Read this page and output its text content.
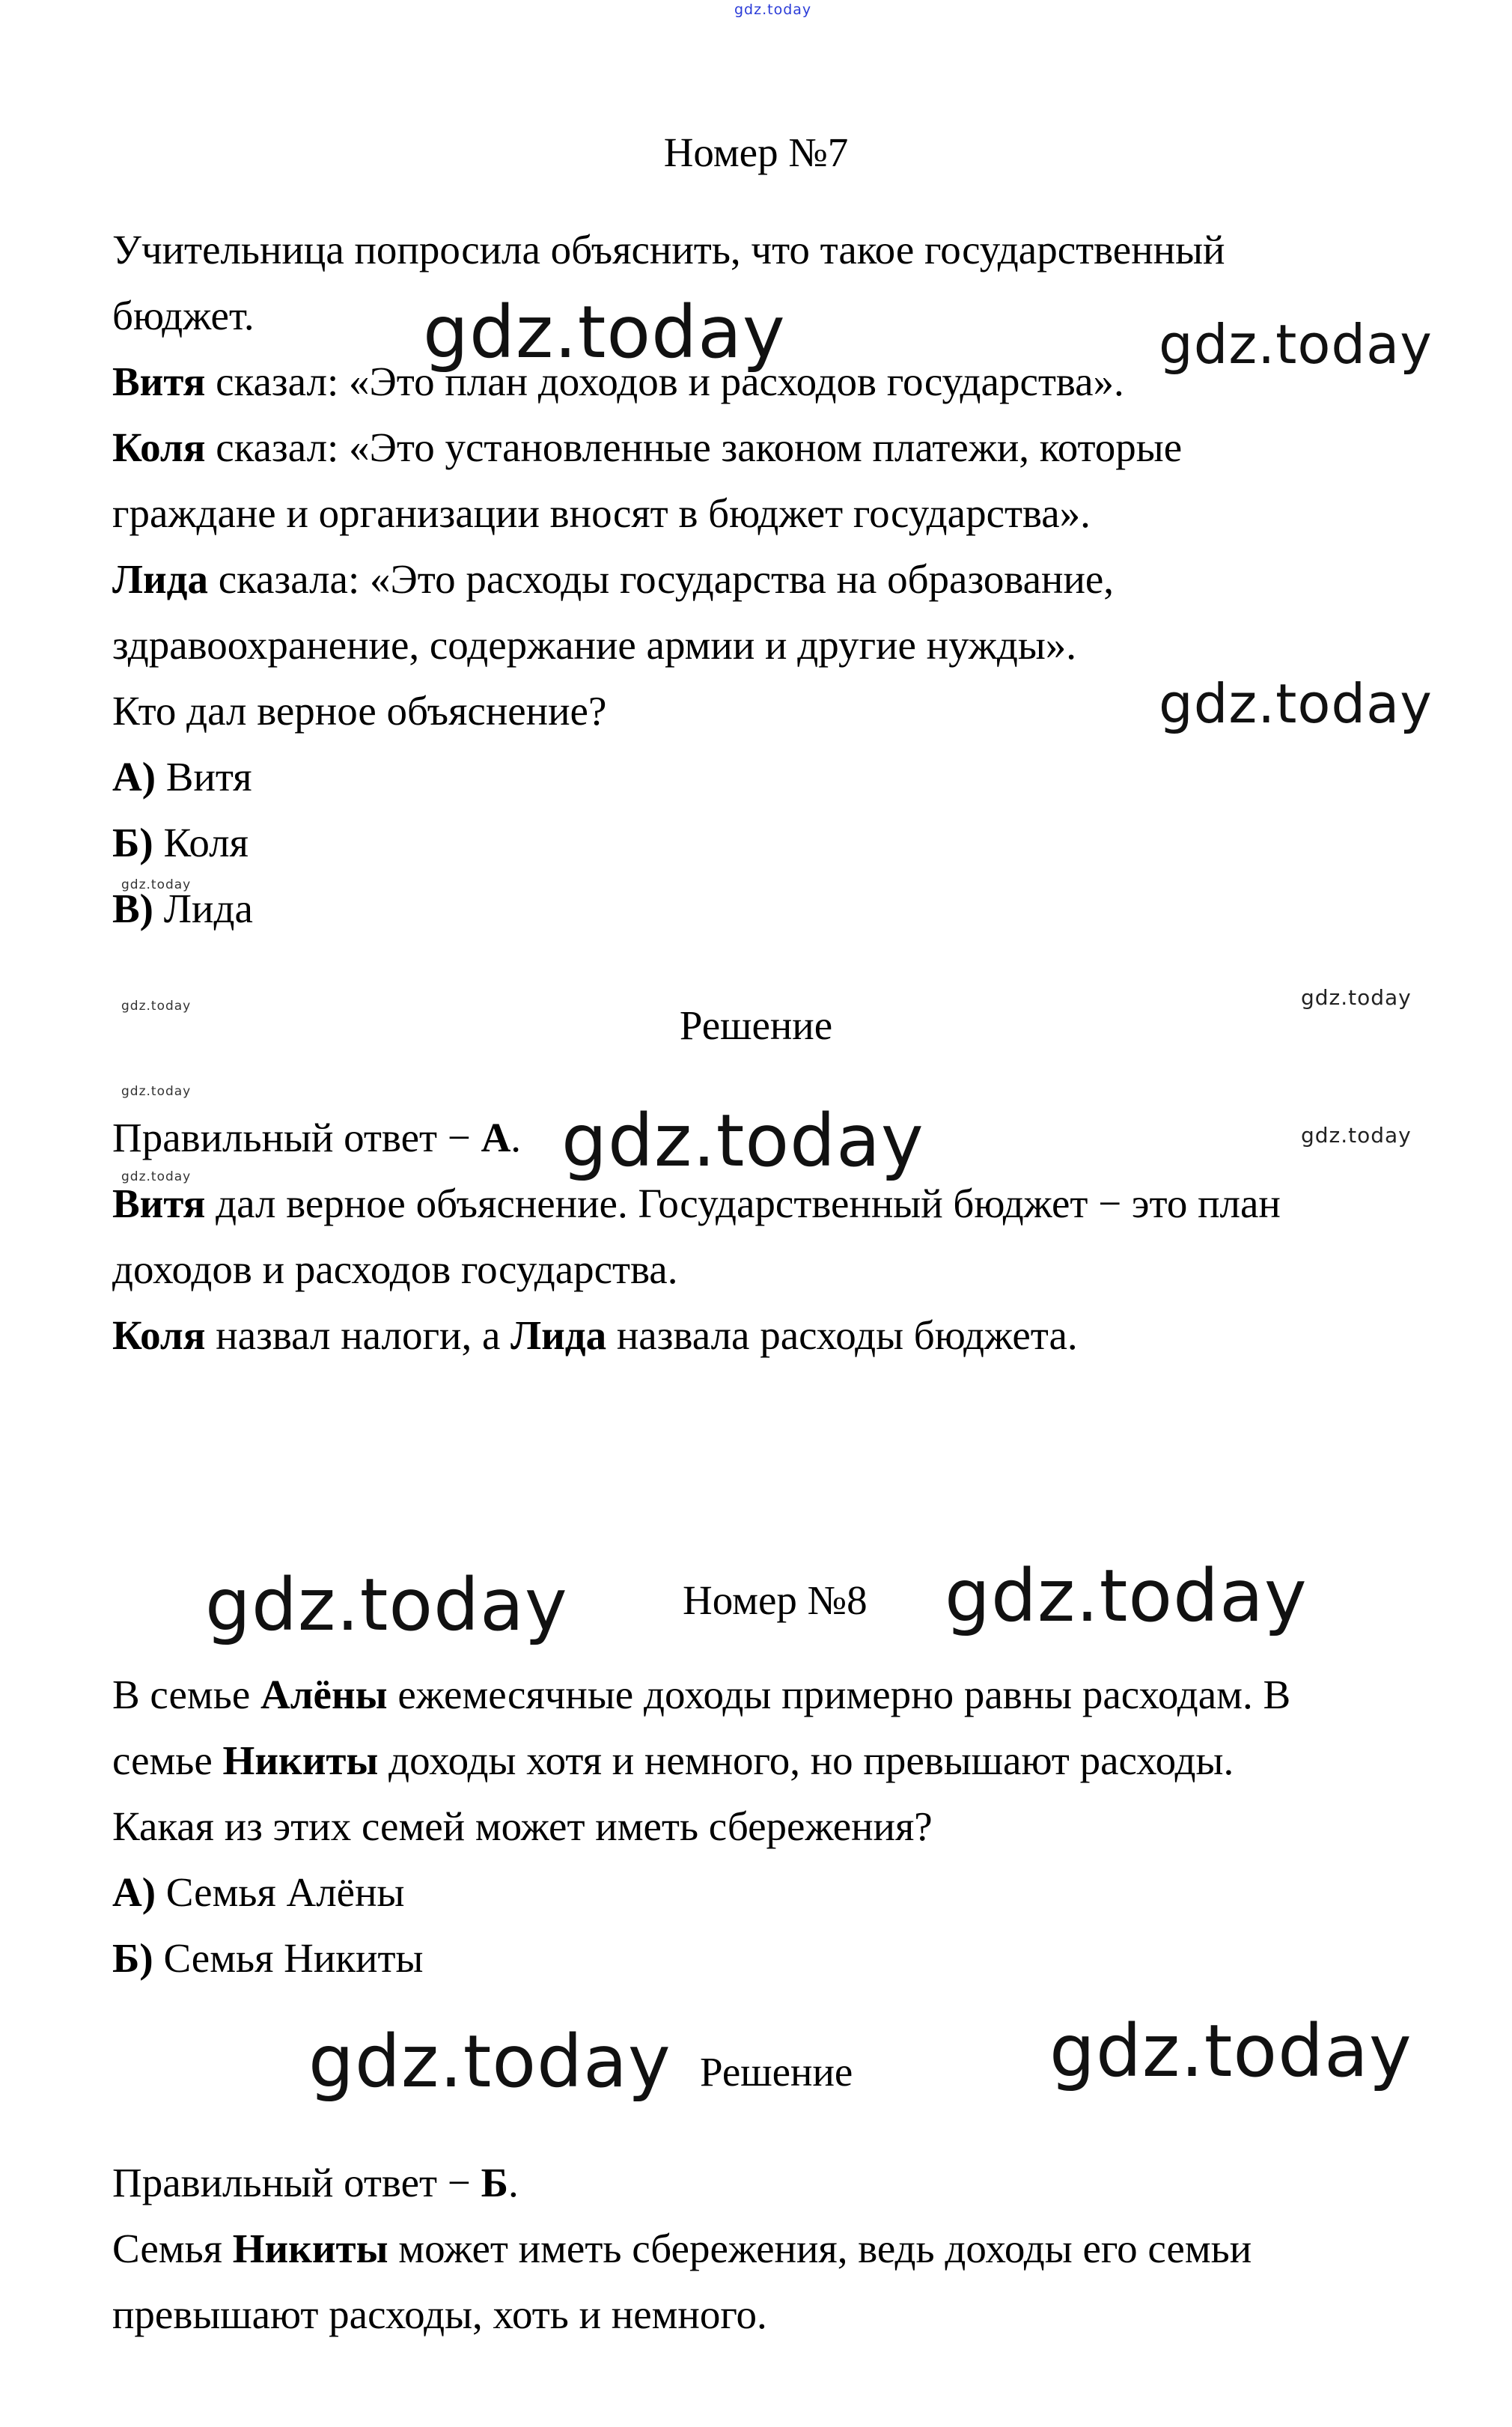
gdz.today

Номер №7

Учительница попросила объяснить, что такое государственный

бюджет.

Витя сказал: «Это план доходов и расходов государства».

Коля сказал: «Это установленные законом платежи, которые

граждане и организации вносят в бюджет государства».

Лида сказала: «Это расходы государства на образование,

здравоохранение, содержание армии и другие нужды».

Кто дал верное объяснение?

А) Витя

Б) Коля

В) Лида

Решение

Правильный ответ − А.

Витя дал верное объяснение. Государственный бюджет − это план

доходов и расходов государства.

Коля назвал налоги, а Лида назвала расходы бюджета.

Номер №8

В семье Алёны ежемесячные доходы примерно равны расходам. В

семье Никиты доходы хотя и немного, но превышают расходы.

Какая из этих семей может иметь сбережения?

А) Семья Алёны

Б) Семья Никиты

Решение

Правильный ответ − Б.

Семья Никиты может иметь сбережения, ведь доходы его семьи

превышают расходы, хоть и немного.

gdz.today	gdz.today
gdz.today
gdz.today
gdz.today
gdz.today
gdz.today
gdz.today	gdz.today
gdz.today
gdz.today	gdz.today
gdz.today	gdz.today
